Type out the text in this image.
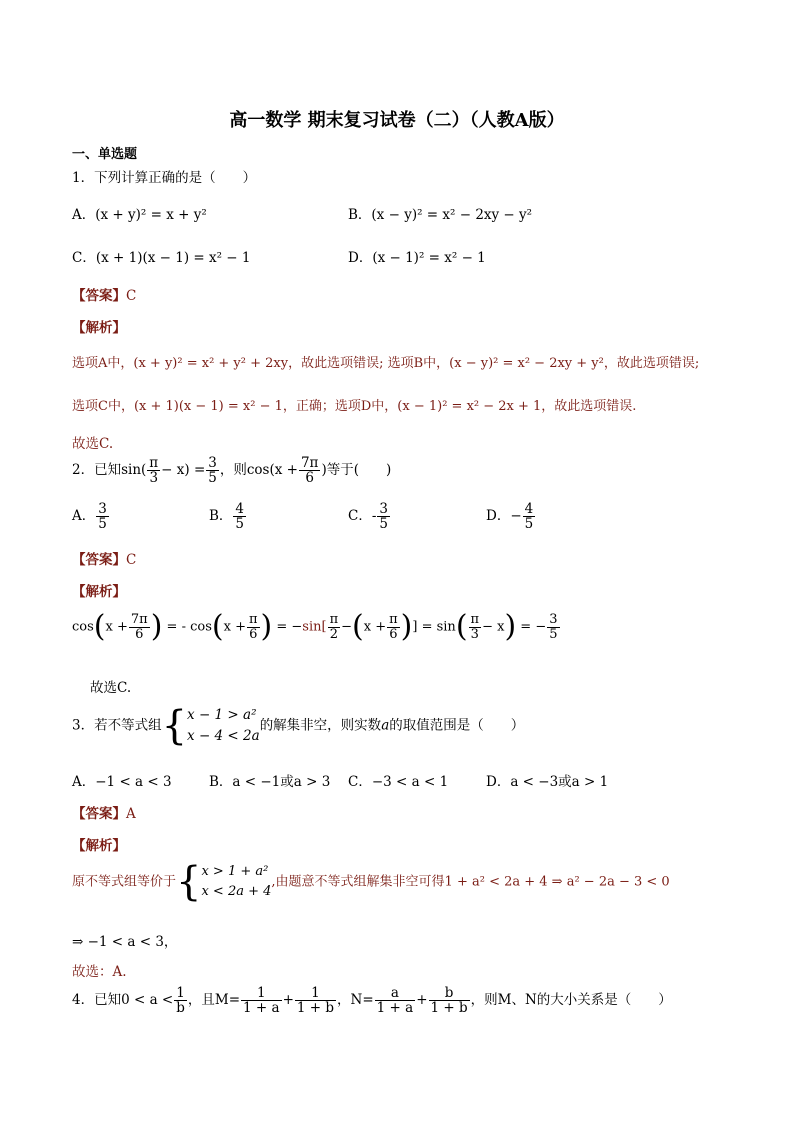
高一数学 期末复习试卷（二）（人教A版）
一、单选题
1．下列计算正确的是（　　）
A．(x + y)² = x + y²	B．(x − y)² = x² − 2xy − y²
C．(x + 1)(x − 1) = x² − 1	D．(x − 1)² = x² − 1
【答案】C
【解析】
选项A中，(x + y)² = x² + y² + 2xy，故此选项错误; 选项B中，(x − y)² = x² − 2xy + y²，故此选项错误;
选项C中，(x + 1)(x − 1) = x² − 1，正确；选项D中，(x − 1)² = x² − 2x + 1，故此选项错误.
故选C.
2．已知$\sin( \frac{\pi}{3} - x) = \frac{3}{5}$ ，则$\cos(x + \frac{7\pi}{6}$ )等于(　　)
A． $\frac{3}{5}$	B． $\frac{4}{5}$	C．- $\frac{3}{5}$	D．− $\frac{4}{5}$
【答案】C
【解析】
$\cos(x + \frac{7\pi}{6}$ ) = - $\cos(x + \frac{\pi}{6}$ ) = $-\sin[ \frac{\pi}{2} -(x + \frac{\pi}{6}$ )] = $\sin( \frac{\pi}{3} - x)$ = − $\frac{3}{5}$
故选C.
3．若不等式组{ x − 1 > a²
x − 4 < 2a
的解集非空，则实数a的取值范围是（　　）
A．−1 < a < 3	B．a < −1或a > 3 C．−3 < a < 1	D．a < −3或a > 1
【答案】A
【解析】
原不等式组等价于{ x > 1 + a²
x < 2a + 4
,由题意不等式组解集非空可得1 + a² < 2a + 4 ⇒ a² − 2a − 3 < 0
⇒ −1 < a < 3，
故选：A.
4．已知$0 < a < \frac{1}{b}$ ，且$M= \frac{1}{1 + a} + \frac{1}{1 + b}$ ，$N= \frac{a}{1 + a} + \frac{b}{1 + b}$ ，则M、N的大小关系是（　　）
